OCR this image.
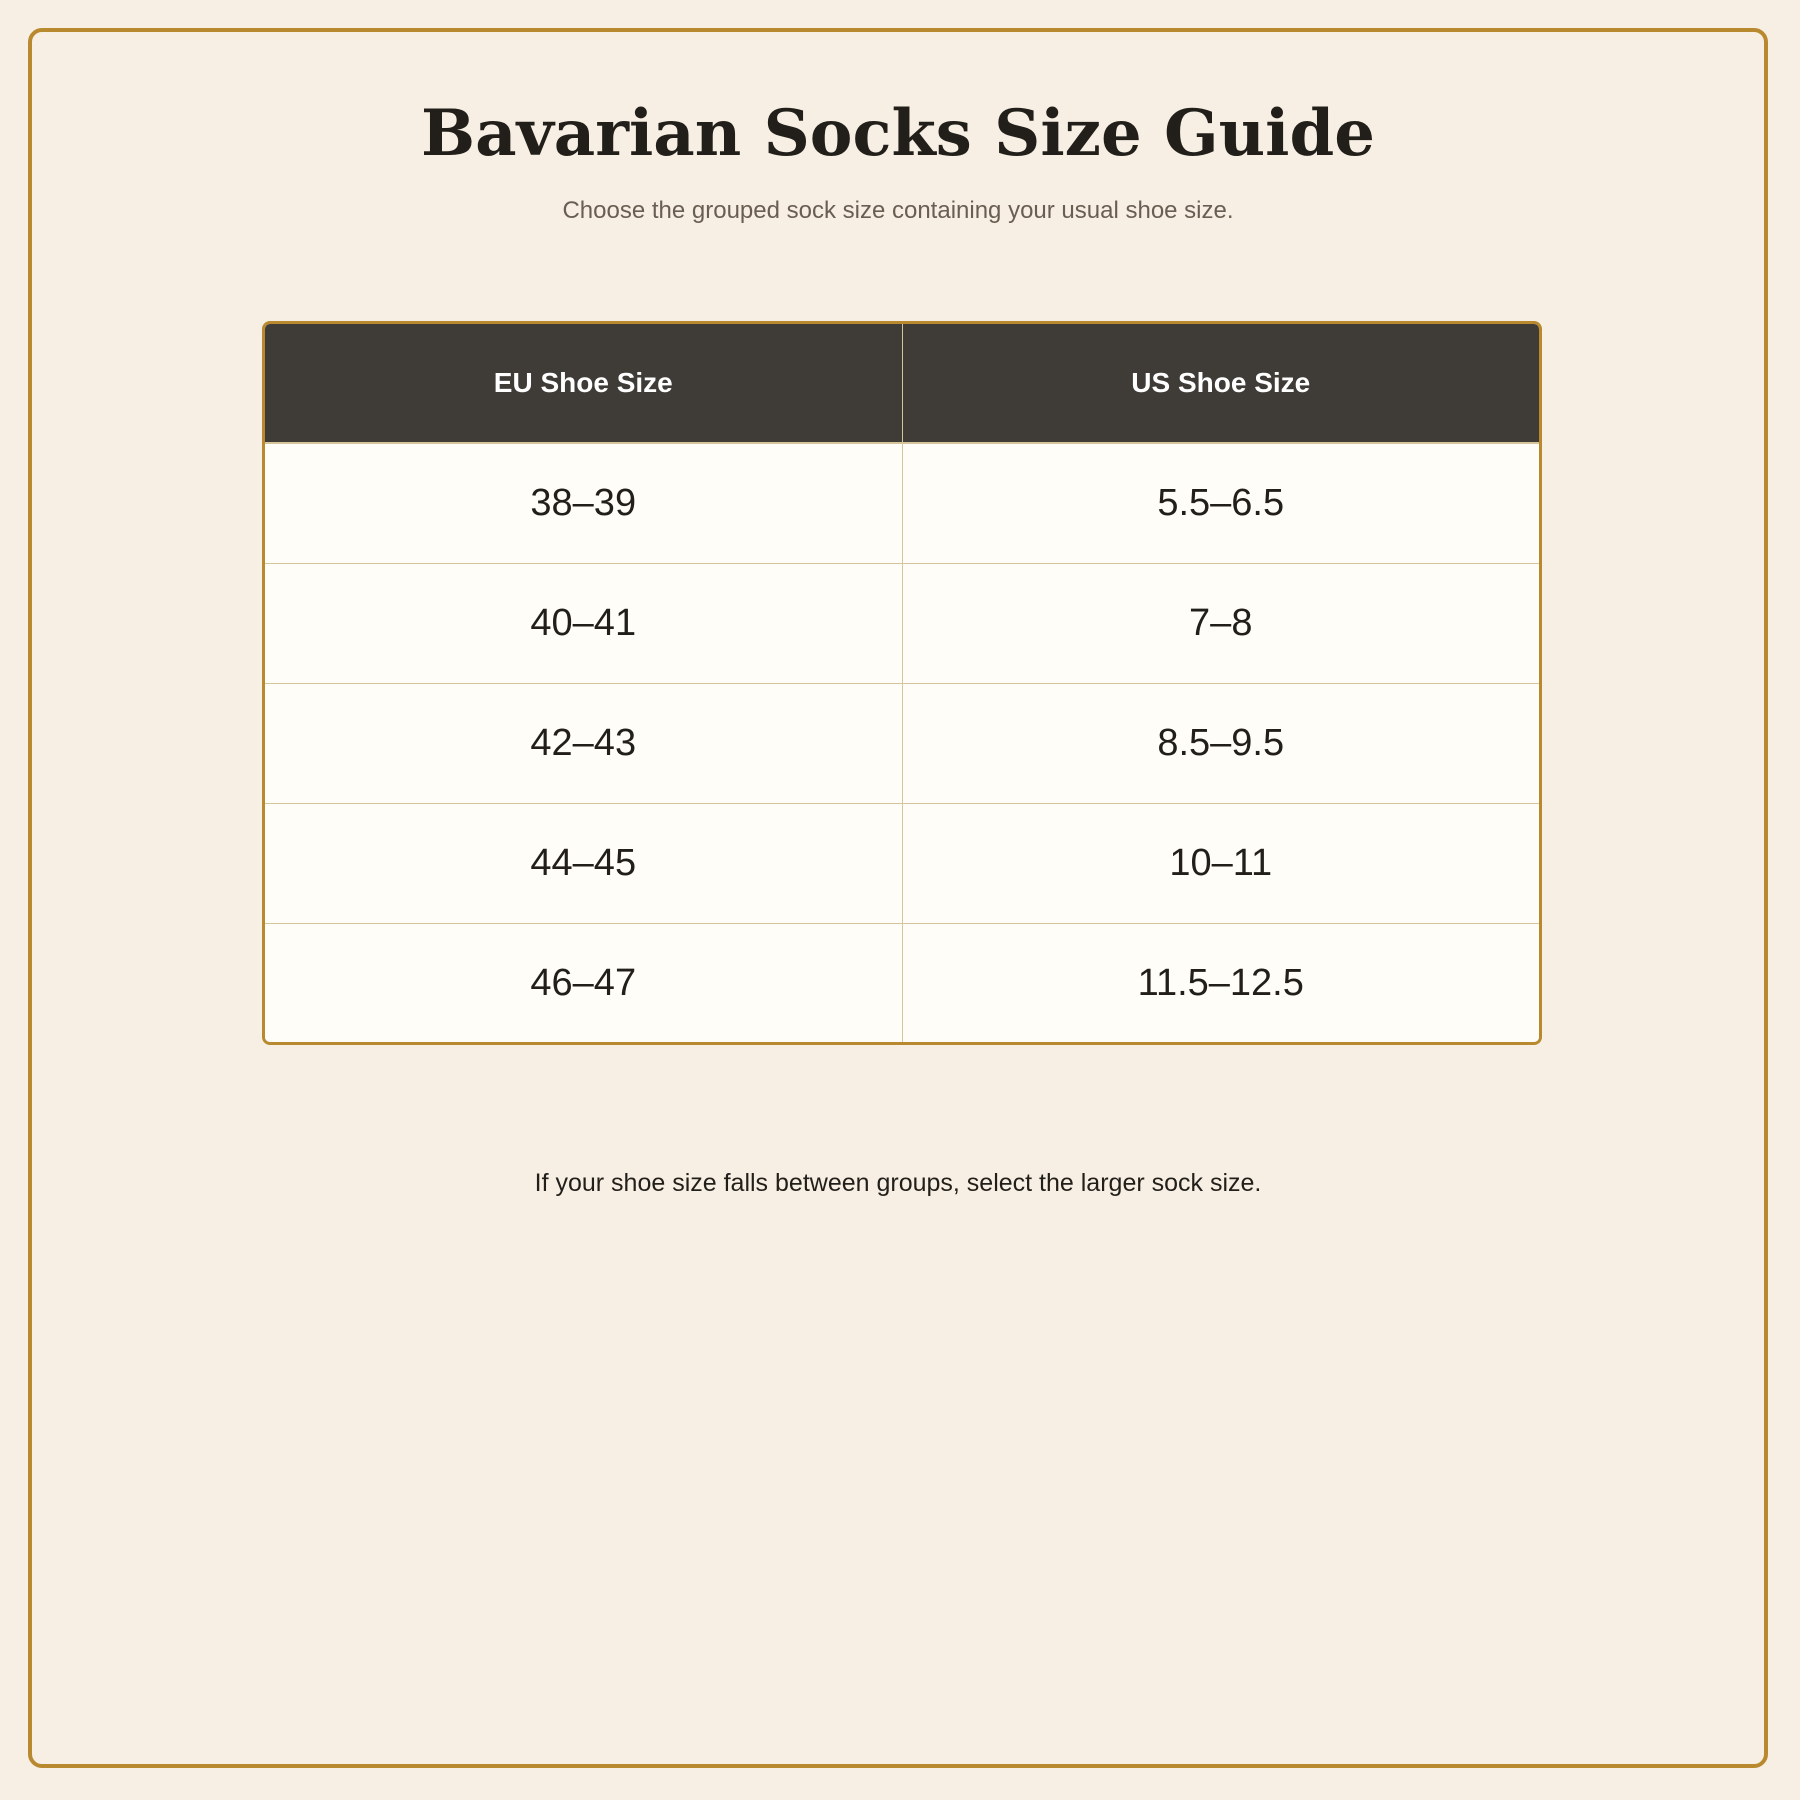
Bavarian Socks Size Guide

Choose the grouped sock size containing your usual shoe size.

EU Shoe Size	US Shoe Size
38–39	5.5–6.5
40–41	7–8
42–43	8.5–9.5
44–45	10–11
46–47	11.5–12.5

If your shoe size falls between groups, select the larger sock size.
